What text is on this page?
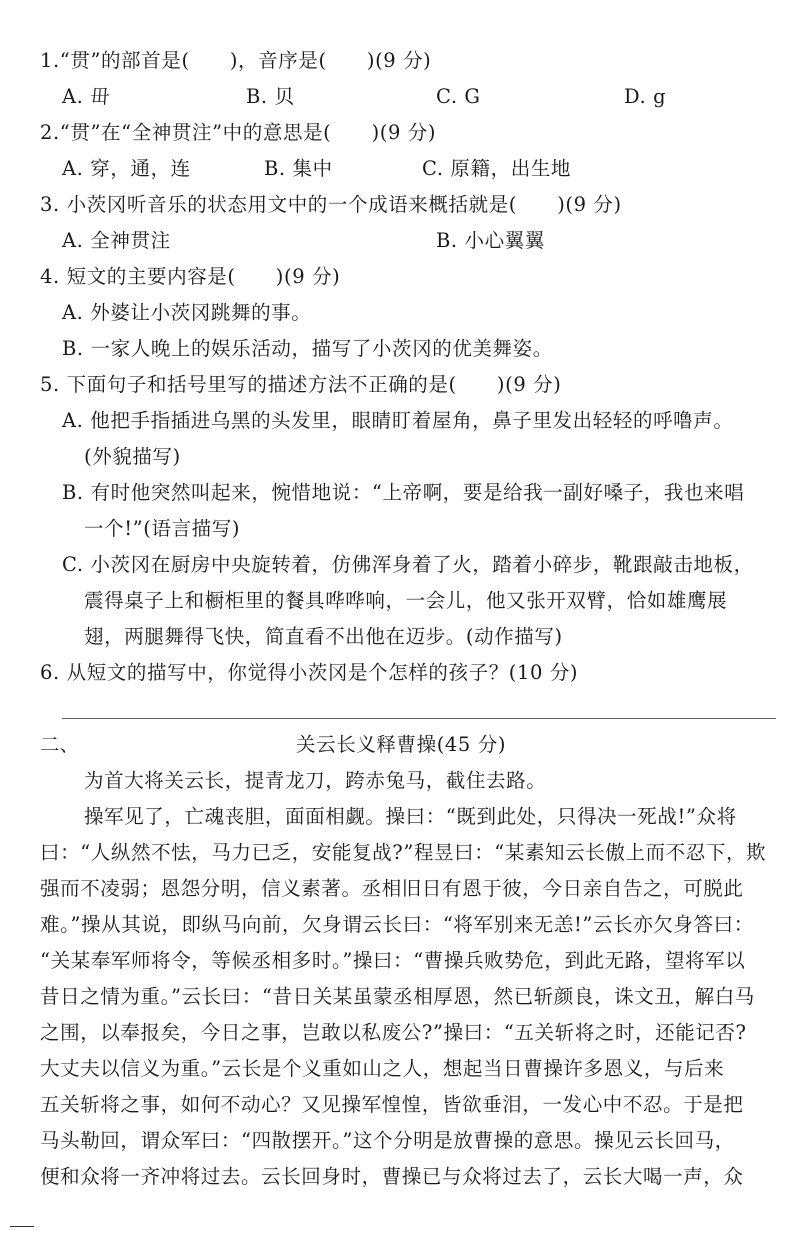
1.“贯”的部首是(　　)，音序是(　　)(9 分)
A. 毌	B. 贝	C. G	D. g
2.“贯”在“全神贯注”中的意思是(　　)(9 分)
A. 穿，通，连	B. 集中	C. 原籍，出生地
3. 小茨冈听音乐的状态用文中的一个成语来概括就是(　　)(9 分)
A. 全神贯注	B. 小心翼翼
4. 短文的主要内容是(　　)(9 分)
A. 外婆让小茨冈跳舞的事。
B. 一家人晚上的娱乐活动，描写了小茨冈的优美舞姿。
5. 下面句子和括号里写的描述方法不正确的是(　　)(9 分)
A. 他把手指插进乌黑的头发里，眼睛盯着屋角，鼻子里发出轻轻的呼噜声。
(外貌描写)
B. 有时他突然叫起来，惋惜地说：“上帝啊，要是给我一副好嗓子，我也来唱
一个!”(语言描写)
C. 小茨冈在厨房中央旋转着，仿佛浑身着了火，踏着小碎步，靴跟敲击地板，
震得桌子上和橱柜里的餐具哗哗响，一会儿，他又张开双臂，恰如雄鹰展
翅，两腿舞得飞快，简直看不出他在迈步。(动作描写)
6. 从短文的描写中，你觉得小茨冈是个怎样的孩子？(10 分)
二、	关云长义释曹操(45 分)
为首大将关云长，提青龙刀，跨赤兔马，截住去路。
操军见了，亡魂丧胆，面面相觑。操曰：“既到此处，只得决一死战!”众将
曰：“人纵然不怯，马力已乏，安能复战?”程昱曰：“某素知云长傲上而不忍下，欺
强而不凌弱；恩怨分明，信义素著。丞相旧日有恩于彼，今日亲自告之，可脱此
难。”操从其说，即纵马向前，欠身谓云长曰：“将军别来无恙!”云长亦欠身答曰：
“关某奉军师将令，等候丞相多时。”操曰：“曹操兵败势危，到此无路，望将军以
昔日之情为重。”云长曰：“昔日关某虽蒙丞相厚恩，然已斩颜良，诛文丑，解白马
之围，以奉报矣，今日之事，岂敢以私废公?”操曰：“五关斩将之时，还能记否?
大丈夫以信义为重。”云长是个义重如山之人，想起当日曹操许多恩义，与后来
五关斩将之事，如何不动心？又见操军惶惶，皆欲垂泪，一发心中不忍。于是把
马头勒回，谓众军曰：“四散摆开。”这个分明是放曹操的意思。操见云长回马，
便和众将一齐冲将过去。云长回身时，曹操已与众将过去了，云长大喝一声，众
